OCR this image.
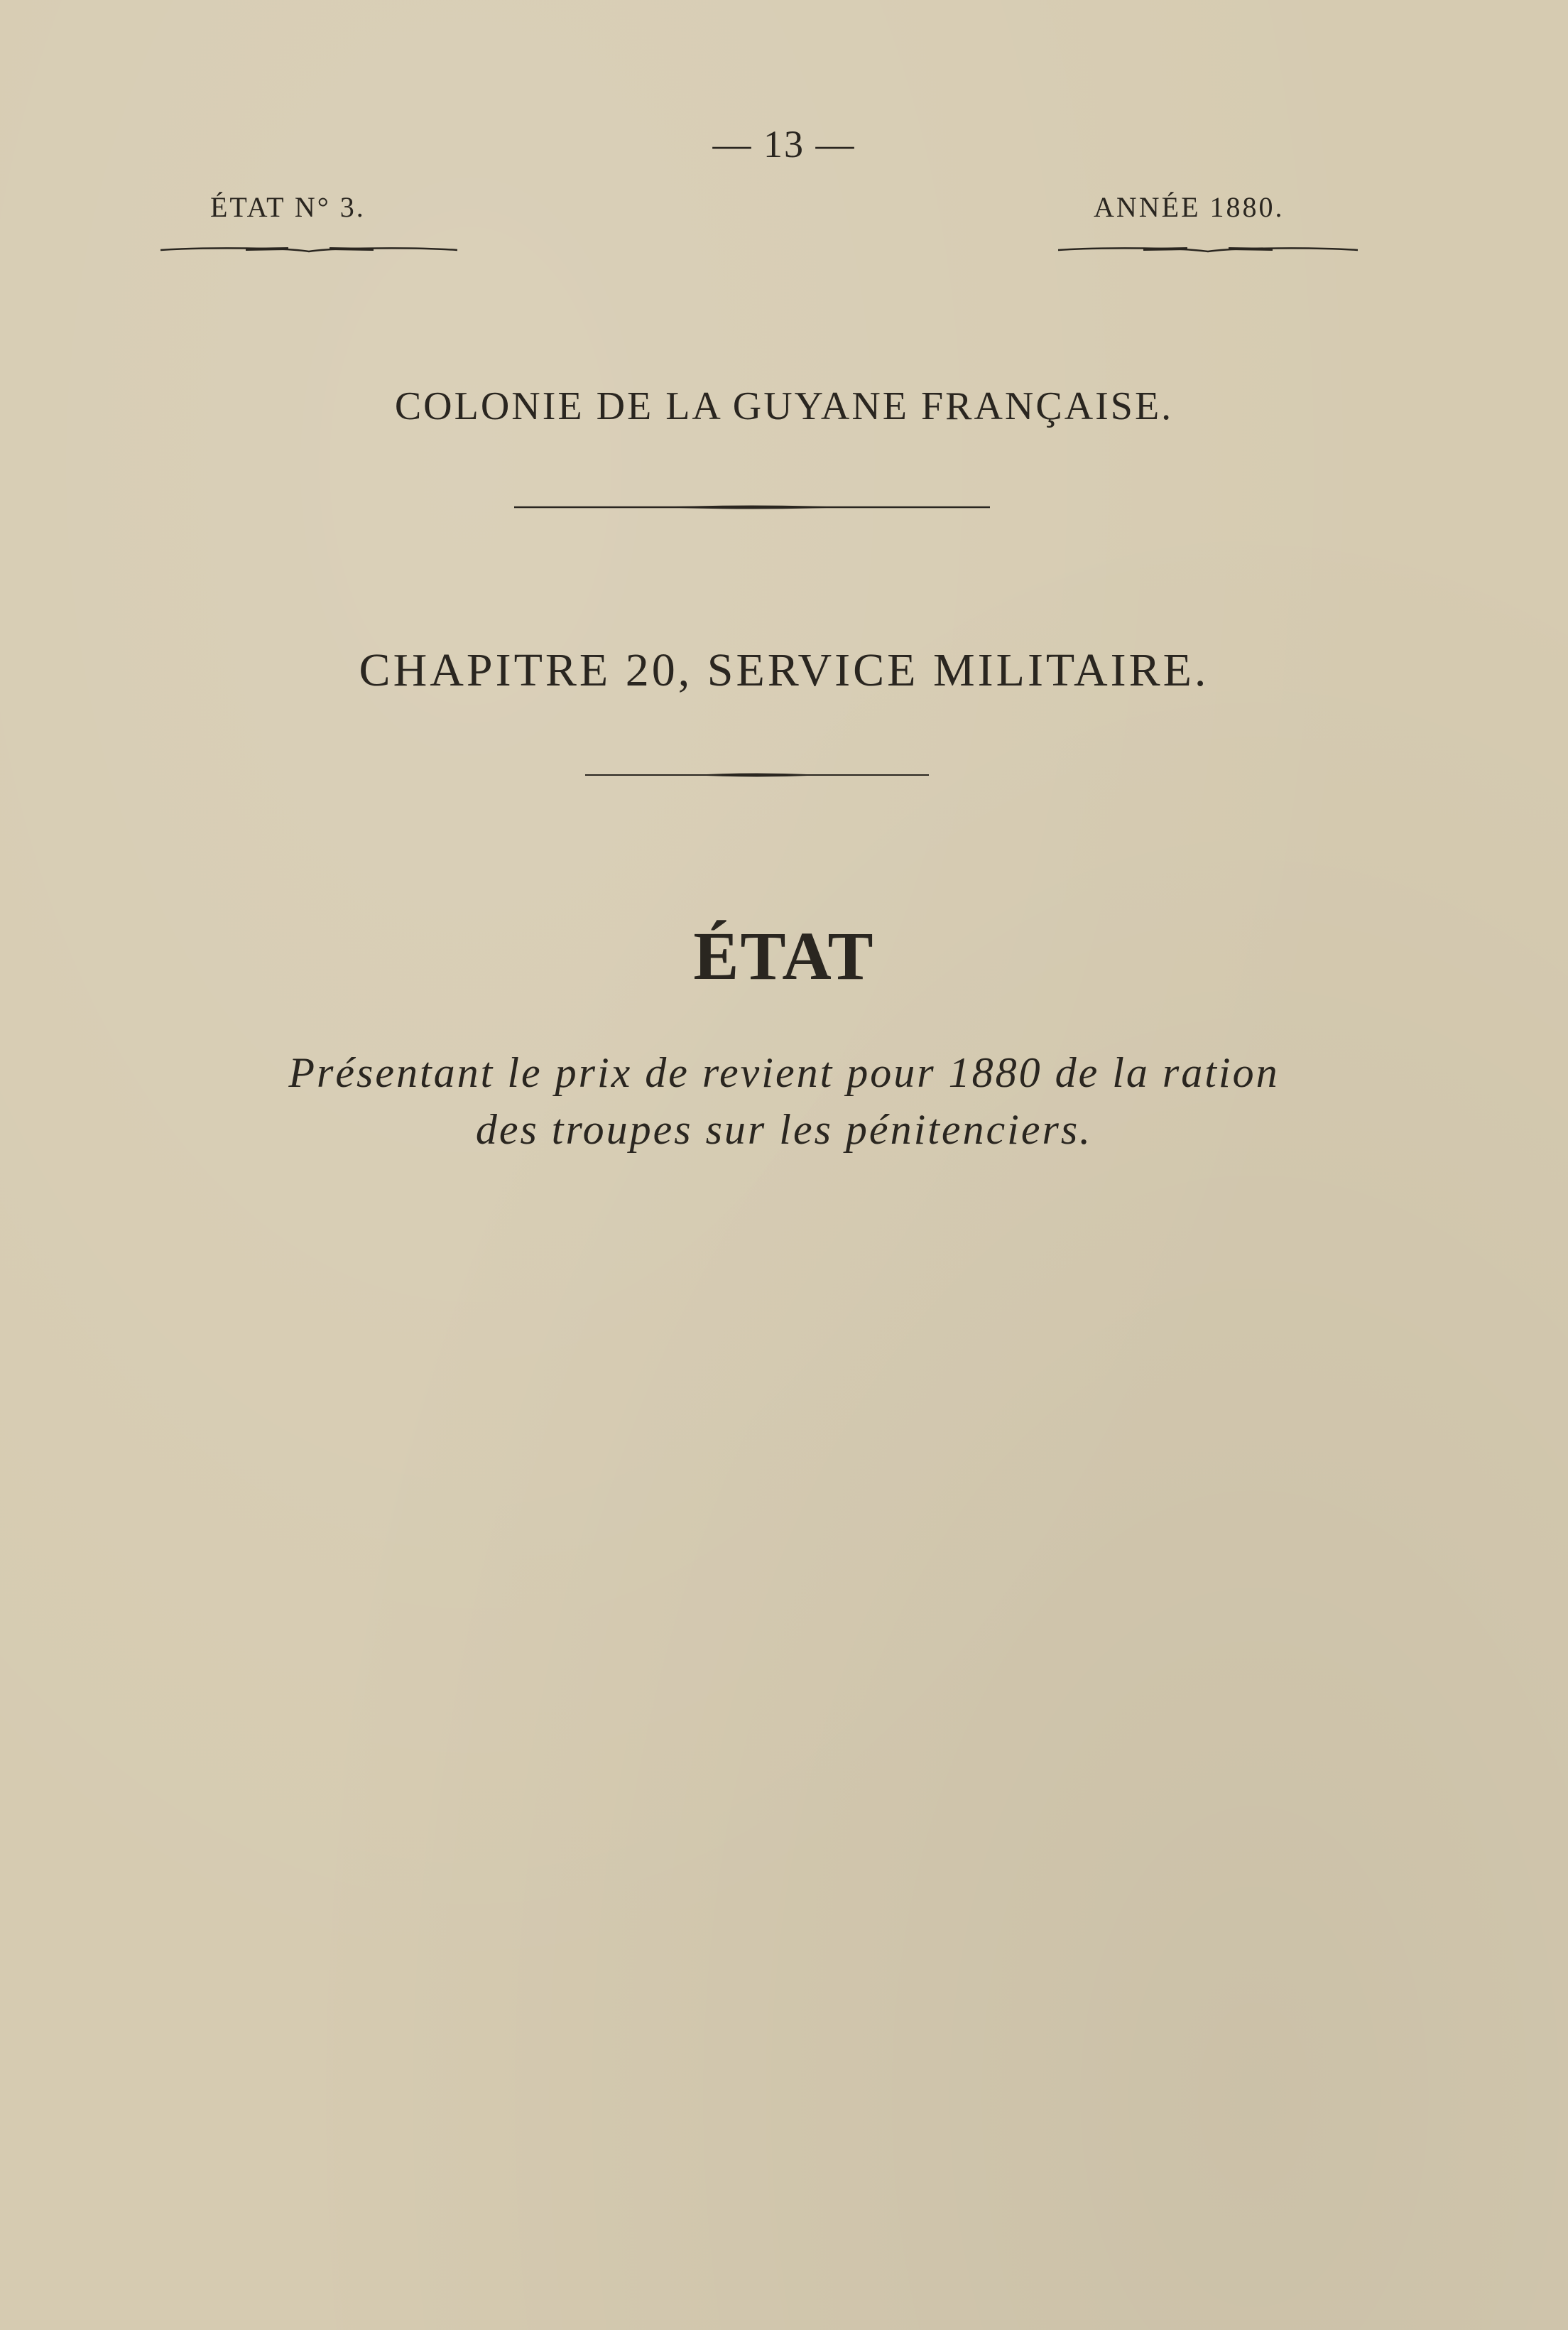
— 13 —
ÉTAT N° 3.	ANNÉE 1880.
COLONIE DE LA GUYANE FRANÇAISE.
CHAPITRE 20, SERVICE MILITAIRE.
ÉTAT
Présentant le prix de revient pour 1880 de la ration
des troupes sur les pénitenciers.
